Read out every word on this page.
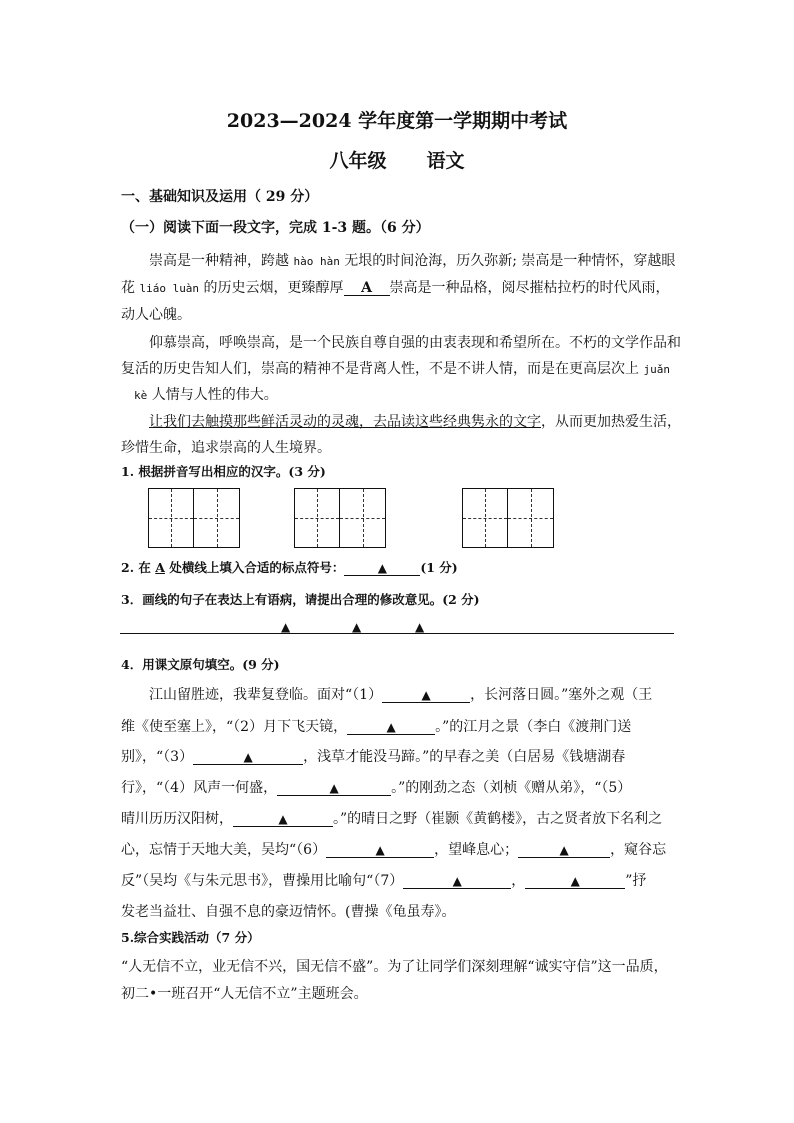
2023—2024 学年度第一学期期中考试
八年级 语文
一、基础知识及运用（ 29 分）
（一）阅读下面一段文字，完成 1-3 题。（6 分）
崇高是一种精神，跨越 hào hàn 无垠的时间沧海，历久弥新; 崇高是一种情怀，穿越眼
花 liáo luàn 的历史云烟，更臻醇厚 A 崇高是一种品格，阅尽摧枯拉朽的时代风雨，
动人心魄。
仰慕崇高，呼唤崇高，是一个民族自尊自强的由衷表现和希望所在。不朽的文学作品和
复活的历史告知人们，崇高的精神不是背离人性，不是不讲人情，而是在更高层次上 juǎn
kè 人情与人性的伟大。
让我们去触摸那些鲜活灵动的灵魂，去品读这些经典隽永的文字，从而更加热爱生活，
珍惜生命，追求崇高的人生境界。
1. 根据拼音写出相应的汉字。(3 分)
2. 在 A 处横线上填入合适的标点符号：	▲	(1 分)
3．画线的句子在表达上有语病，请提出合理的修改意见。(2 分)
▲	▲	▲
4．用课文原句填空。(9 分)
江山留胜迹，我辈复登临。面对“（1）	▲	，长河落日圆。”塞外之观（王
维《使至塞上》，“（2）月下飞天镜，	▲	。”的江月之景（李白《渡荆门送
别》，“（3）	▲	，浅草才能没马蹄。”的早春之美（白居易《钱塘湖春
行》，“（4）风声一何盛，	▲	。”的刚劲之态（刘桢《赠从弟》，“（5）
晴川历历汉阳树，	▲	。”的晴日之野（崔颢《黄鹤楼》，古之贤者放下名利之
心，忘情于天地大美，吴均“（6）	▲	，望峰息心；	▲	，窥谷忘
反”（吴均《与朱元思书》，曹操用比喻句“（7）	▲	，	▲	”抒
发老当益壮、自强不息的豪迈情怀。(曹操《龟虽寿》。
5.综合实践活动（7 分）
“人无信不立，业无信不兴，国无信不盛”。为了让同学们深刻理解“诚实守信”这一品质，
初二•一班召开“人无信不立”主题班会。
